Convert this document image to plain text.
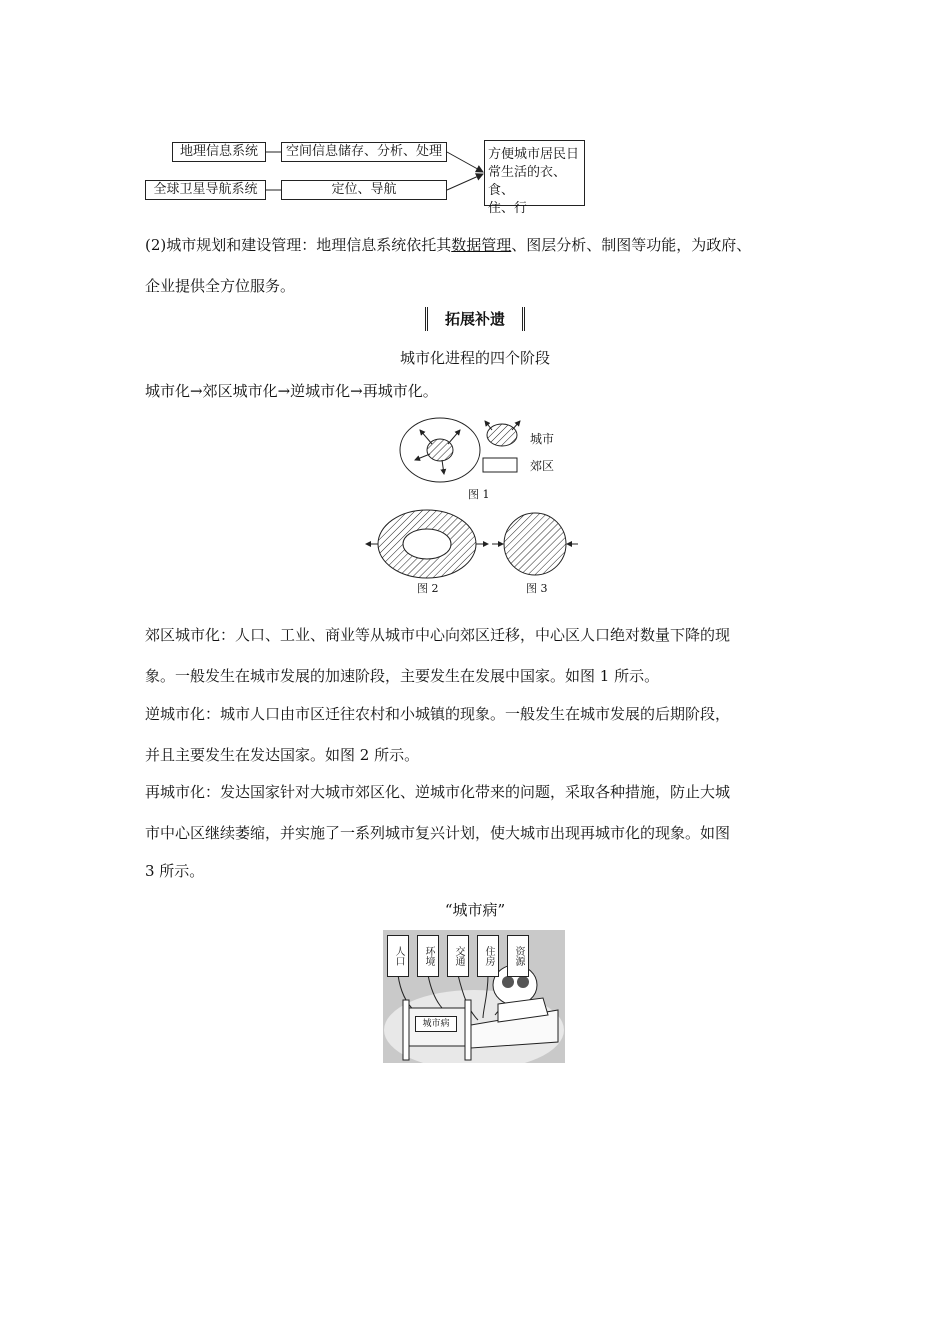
地理信息系统	空间信息储存、分析、处理
全球卫星导航系统	定位、导航
方便城市居民日
常生活的衣、食、
住、行
(2)城市规划和建设管理：地理信息系统依托其数据管理、图层分析、制图等功能，为政府、
企业提供全方位服务。
拓展补遗
城市化进程的四个阶段
城市化→郊区城市化→逆城市化→再城市化。
城市
郊区
图 1
图 2	图 3
郊区城市化：人口、工业、商业等从城市中心向郊区迁移，中心区人口绝对数量下降的现
象。一般发生在城市发展的加速阶段，主要发生在发展中国家。如图 1 所示。
逆城市化：城市人口由市区迁往农村和小城镇的现象。一般发生在城市发展的后期阶段，
并且主要发生在发达国家。如图 2 所示。
再城市化：发达国家针对大城市郊区化、逆城市化带来的问题，采取各种措施，防止大城
市中心区继续萎缩，并实施了一系列城市复兴计划，使大城市出现再城市化的现象。如图
3 所示。
“城市病”
人口	环境	交通	住房	资源
城市病
